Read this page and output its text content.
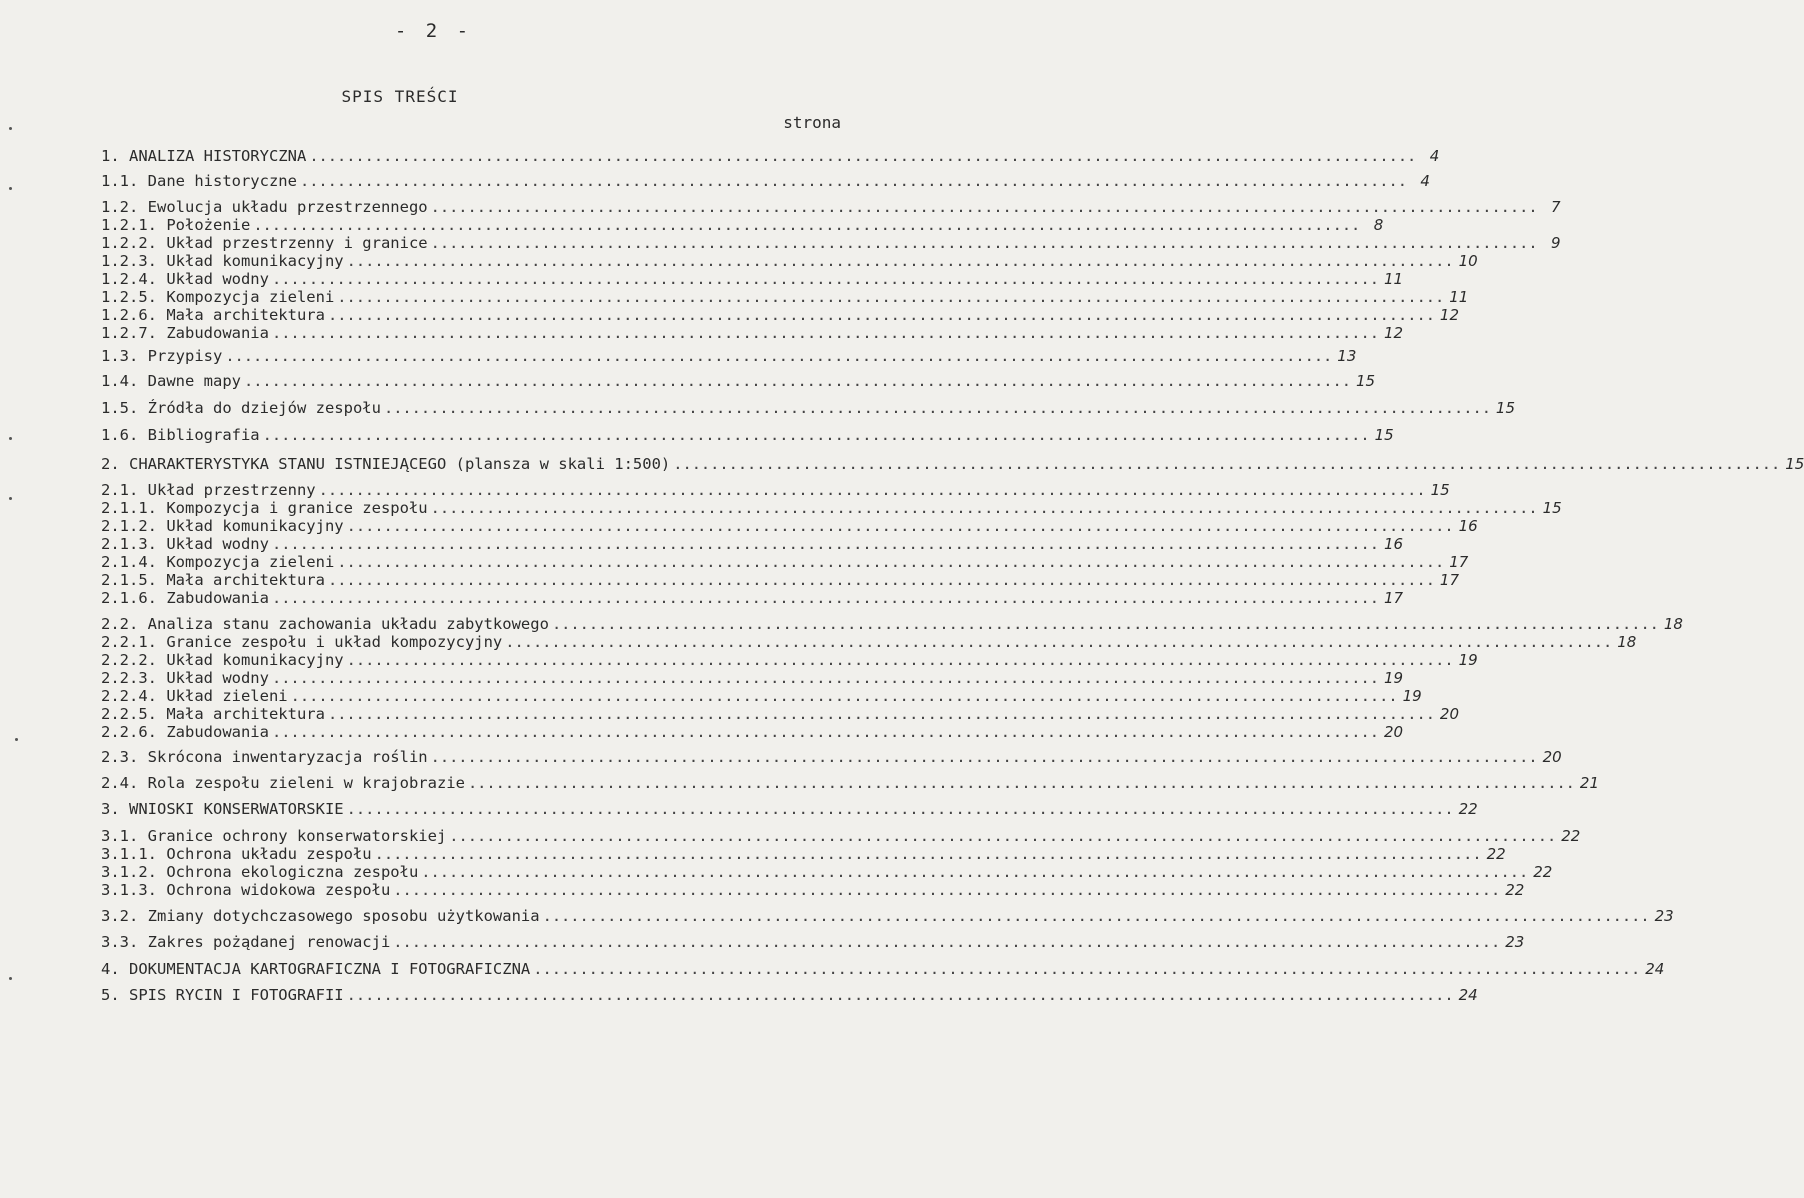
- 2 -
SPIS TREŚCI
strona
1. ANALIZA HISTORYCZNA ........................................................................................................................ 4
1.1. Dane historyczne ........................................................................................................................ 4
1.2. Ewolucja układu przestrzennego ........................................................................................................................ 7
1.2.1. Położenie ........................................................................................................................ 8
1.2.2. Układ przestrzenny i granice ........................................................................................................................ 9
1.2.3. Układ komunikacyjny ........................................................................................................................ 10
1.2.4. Układ wodny ........................................................................................................................ 11
1.2.5. Kompozycja zieleni ........................................................................................................................ 11
1.2.6. Mała architektura ........................................................................................................................ 12
1.2.7. Zabudowania ........................................................................................................................ 12
1.3. Przypisy ........................................................................................................................ 13
1.4. Dawne mapy ........................................................................................................................ 15
1.5. Źródła do dziejów zespołu ........................................................................................................................ 15
1.6. Bibliografia ........................................................................................................................ 15
2. CHARAKTERYSTYKA STANU ISTNIEJĄCEGO (plansza w skali 1:500) ........................................................................................................................ 15
2.1. Układ przestrzenny ........................................................................................................................ 15
2.1.1. Kompozycja i granice zespołu ........................................................................................................................ 15
2.1.2. Układ komunikacyjny ........................................................................................................................ 16
2.1.3. Układ wodny ........................................................................................................................ 16
2.1.4. Kompozycja zieleni ........................................................................................................................ 17
2.1.5. Mała architektura ........................................................................................................................ 17
2.1.6. Zabudowania ........................................................................................................................ 17
2.2. Analiza stanu zachowania układu zabytkowego ........................................................................................................................ 18
2.2.1. Granice zespołu i układ kompozycyjny ........................................................................................................................ 18
2.2.2. Układ komunikacyjny ........................................................................................................................ 19
2.2.3. Układ wodny ........................................................................................................................ 19
2.2.4. Układ zieleni ........................................................................................................................ 19
2.2.5. Mała architektura ........................................................................................................................ 20
2.2.6. Zabudowania ........................................................................................................................ 20
2.3. Skrócona inwentaryzacja roślin ........................................................................................................................ 20
2.4. Rola zespołu zieleni w krajobrazie ........................................................................................................................ 21
3. WNIOSKI KONSERWATORSKIE ........................................................................................................................ 22
3.1. Granice ochrony konserwatorskiej ........................................................................................................................ 22
3.1.1. Ochrona układu zespołu ........................................................................................................................ 22
3.1.2. Ochrona ekologiczna zespołu ........................................................................................................................ 22
3.1.3. Ochrona widokowa zespołu ........................................................................................................................ 22
3.2. Zmiany dotychczasowego sposobu użytkowania ........................................................................................................................ 23
3.3. Zakres pożądanej renowacji ........................................................................................................................ 23
4. DOKUMENTACJA KARTOGRAFICZNA I FOTOGRAFICZNA ........................................................................................................................ 24
5. SPIS RYCIN I FOTOGRAFII ........................................................................................................................ 24
